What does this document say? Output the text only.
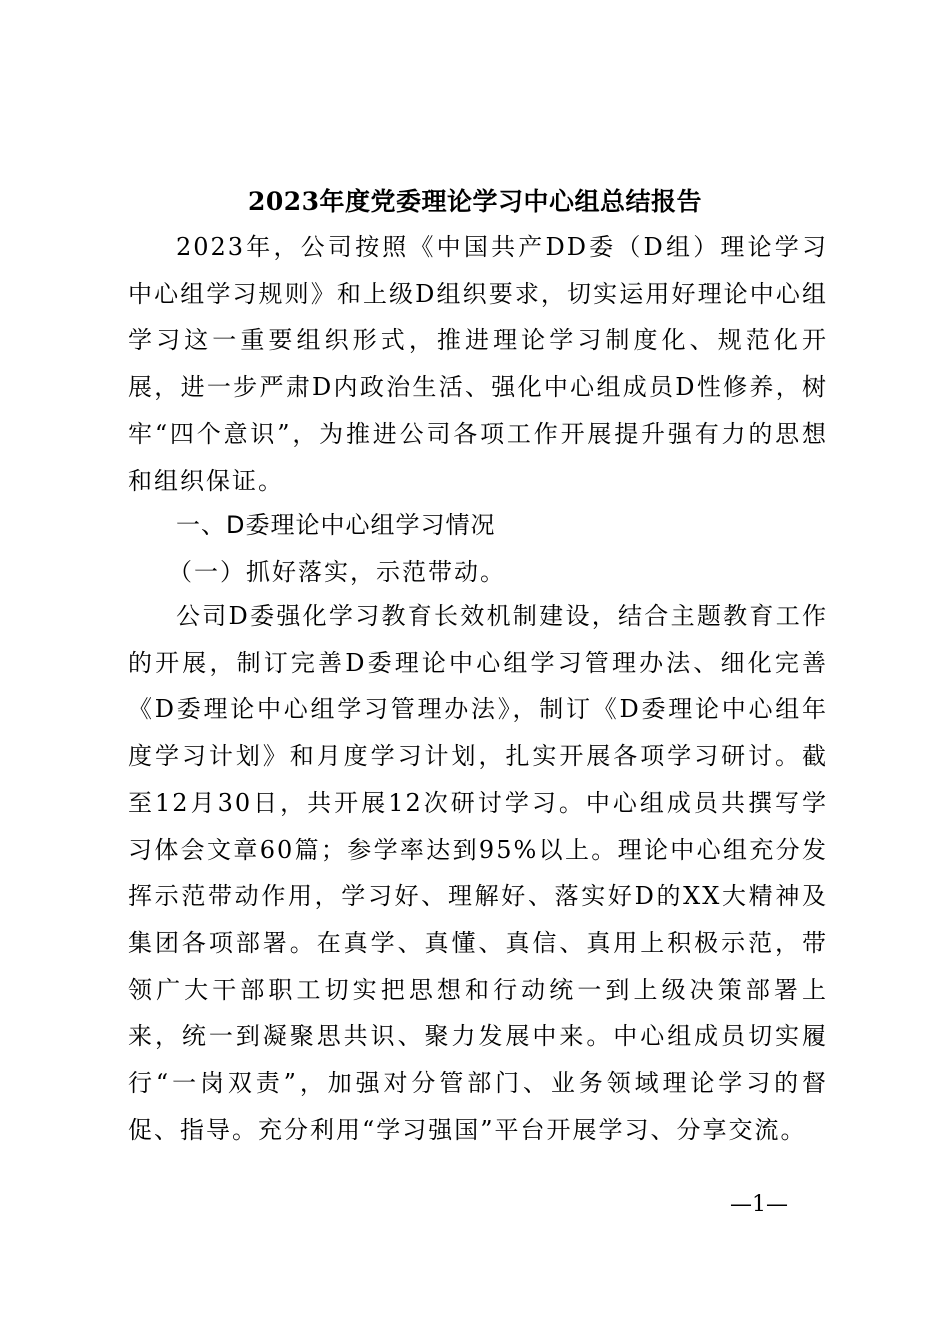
2023年度党委理论学习中心组总结报告

2023年，公司按照《中国共产DD委（D组）理论学习中心组学习规则》和上级D组织要求，切实运用好理论中心组学习这一重要组织形式，推进理论学习制度化、规范化开展，进一步严肃D内政治生活、强化中心组成员D性修养，树牢“四个意识”，为推进公司各项工作开展提升强有力的思想和组织保证。

一、D委理论中心组学习情况
（一）抓好落实，示范带动。

公司D委强化学习教育长效机制建设，结合主题教育工作的开展，制订完善D委理论中心组学习管理办法、细化完善《D委理论中心组学习管理办法》，制订《D委理论中心组年度学习计划》和月度学习计划，扎实开展各项学习研讨。截至12月30日，共开展12次研讨学习。中心组成员共撰写学习体会文章60篇；参学率达到95%以上。理论中心组充分发挥示范带动作用，学习好、理解好、落实好D的XX大精神及集团各项部署。在真学、真懂、真信、真用上积极示范，带领广大干部职工切实把思想和行动统一到上级决策部署上来，统一到凝聚思共识、聚力发展中来。中心组成员切实履行“一岗双责”，加强对分管部门、业务领域理论学习的督促、指导。充分利用“学习强国”平台开展学习、分享交流。

—1—
